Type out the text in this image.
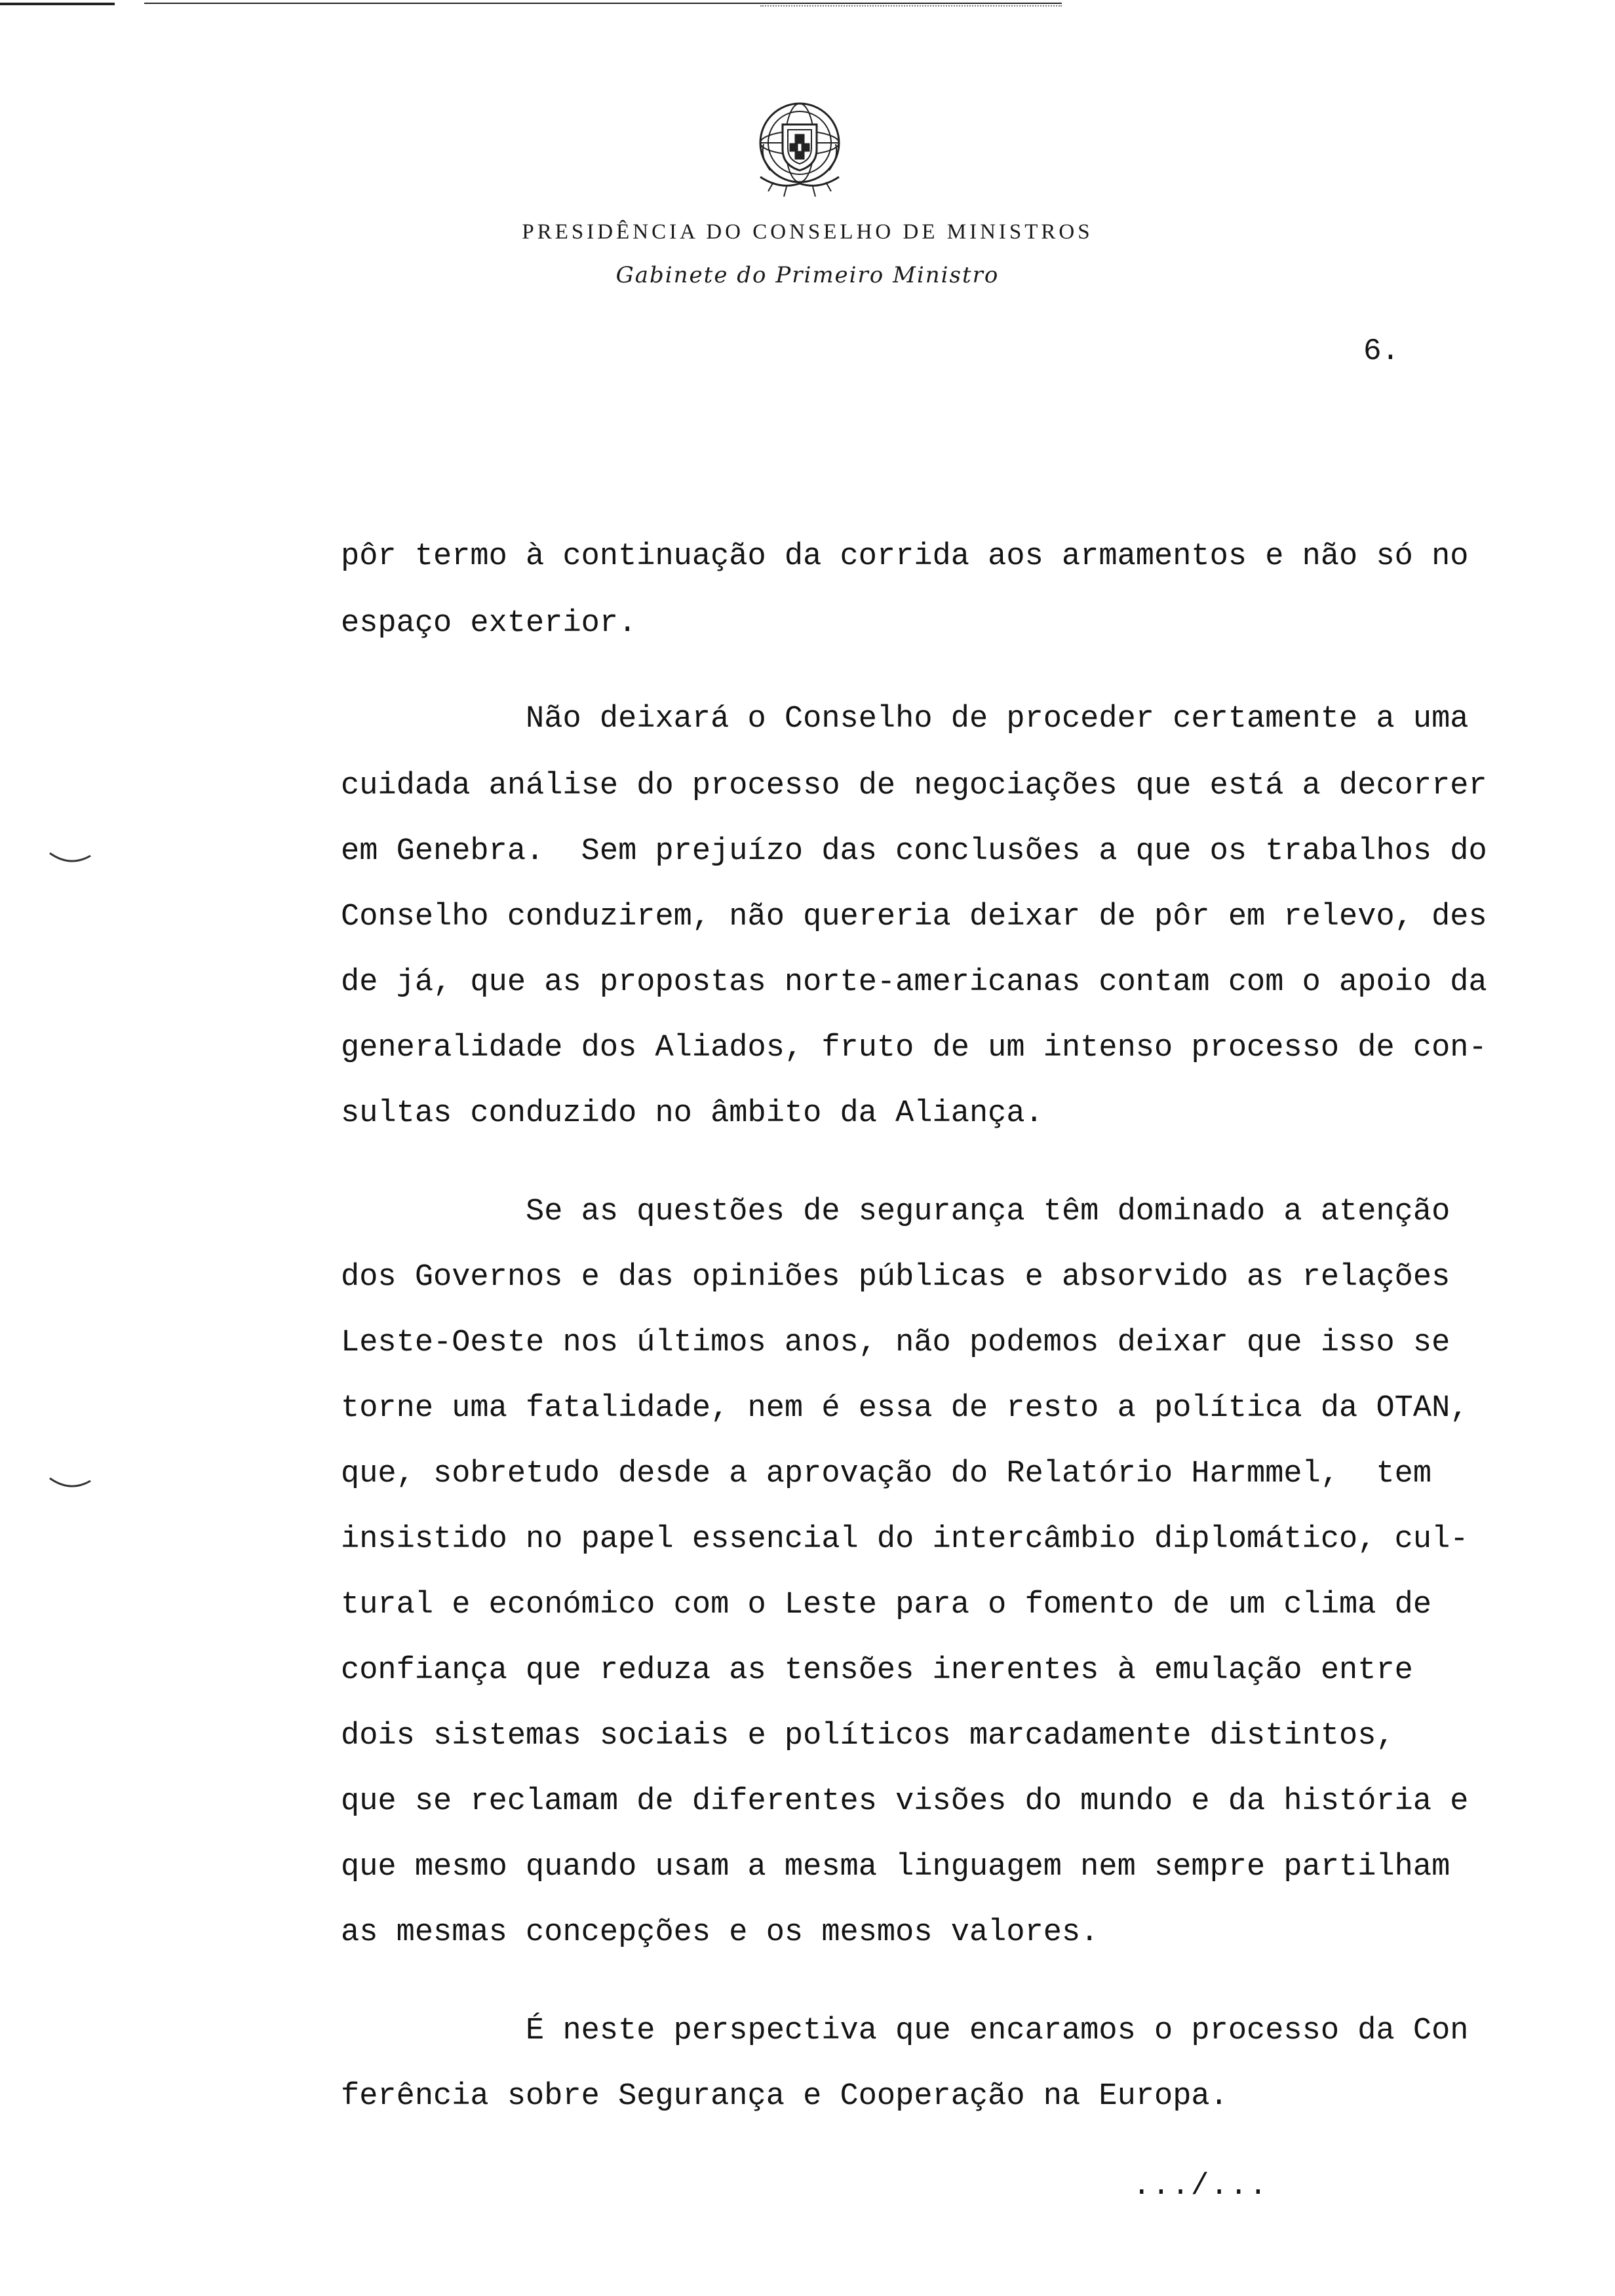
PRESIDÊNCIA DO CONSELHO DE MINISTROS
Gabinete do Primeiro Ministro
6.
pôr termo à continuação da corrida aos armamentos e não só no
espaço exterior.
Não deixará o Conselho de proceder certamente a uma
cuidada análise do processo de negociações que está a decorrer
em Genebra.  Sem prejuízo das conclusões a que os trabalhos do
Conselho conduzirem, não quereria deixar de pôr em relevo, des
de já, que as propostas norte-americanas contam com o apoio da
generalidade dos Aliados, fruto de um intenso processo de con-
sultas conduzido no âmbito da Aliança.
Se as questões de segurança têm dominado a atenção
dos Governos e das opiniões públicas e absorvido as relações
Leste-Oeste nos últimos anos, não podemos deixar que isso se
torne uma fatalidade, nem é essa de resto a política da OTAN,
que, sobretudo desde a aprovação do Relatório Harmmel,  tem
insistido no papel essencial do intercâmbio diplomático, cul-
tural e económico com o Leste para o fomento de um clima de
confiança que reduza as tensões inerentes à emulação entre
dois sistemas sociais e políticos marcadamente distintos,
que se reclamam de diferentes visões do mundo e da história e
que mesmo quando usam a mesma linguagem nem sempre partilham
as mesmas concepções e os mesmos valores.
É neste perspectiva que encaramos o processo da Con
ferência sobre Segurança e Cooperação na Europa.
.../...
